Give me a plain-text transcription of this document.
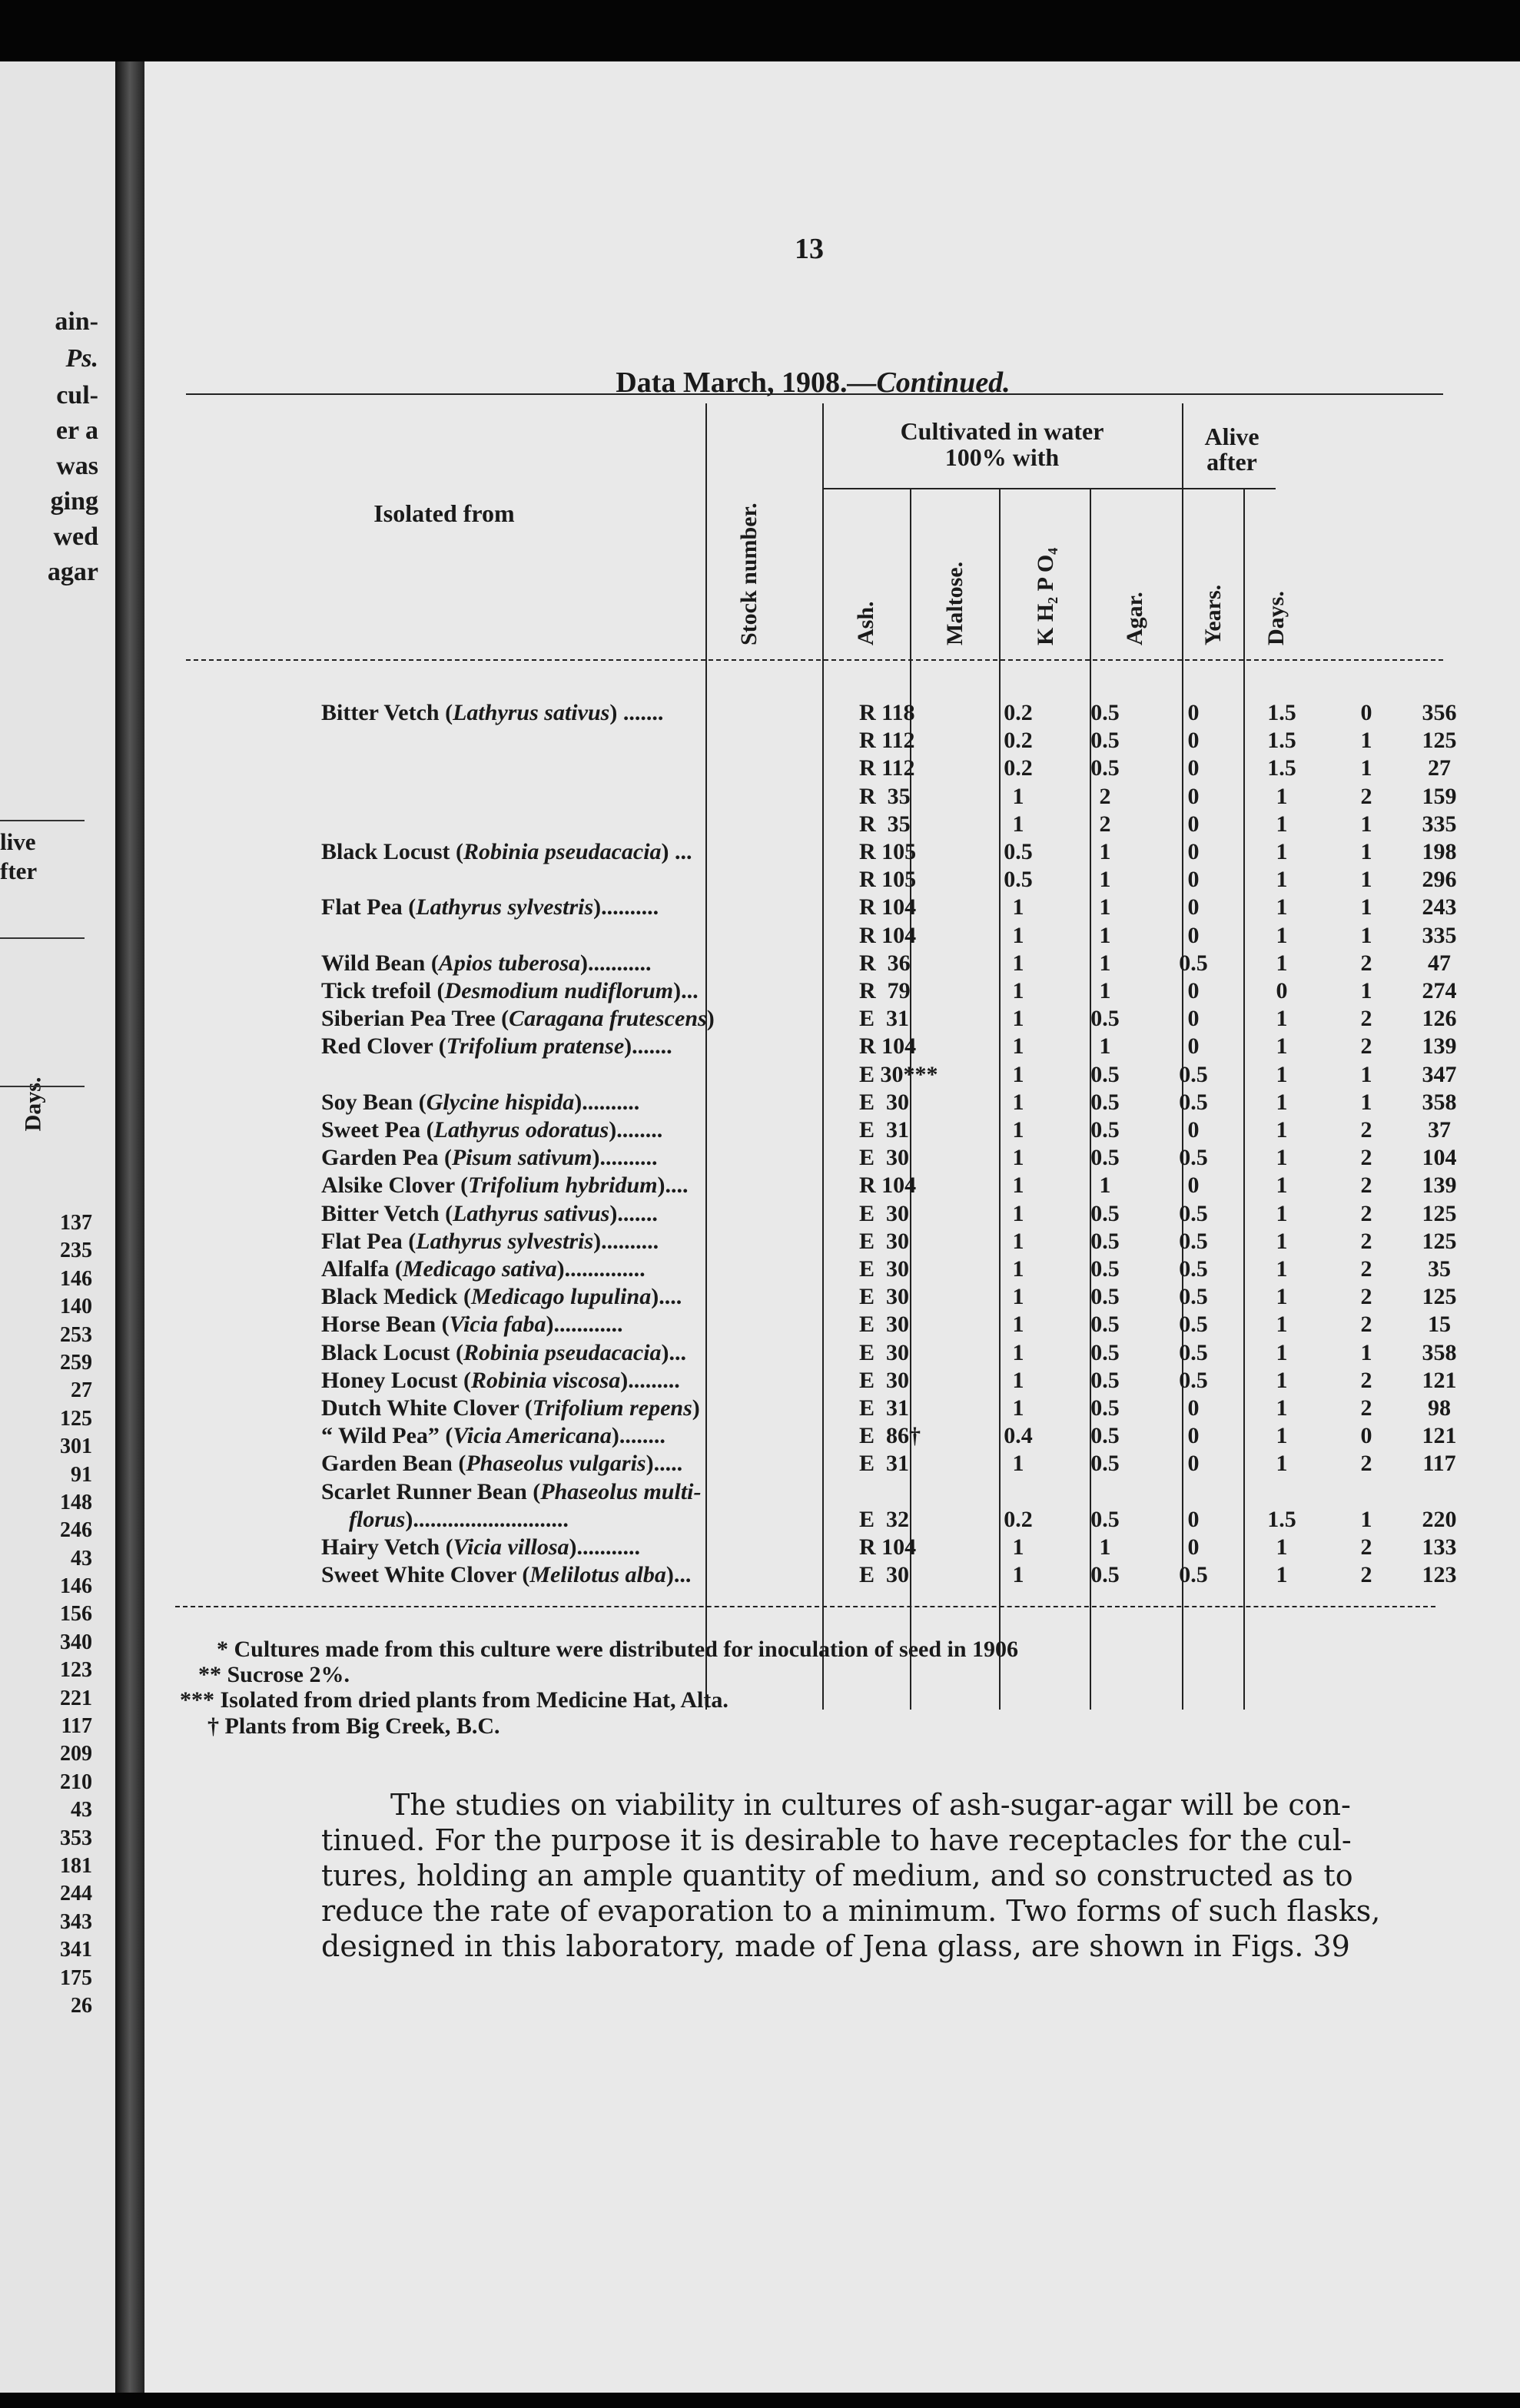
ain-
Ps.
cul-
er a
was
ging
wed
agar
live
fter
Days.
137
235
146
140
253
259
27
125
301
91
148
246
43
146
156
340
123
221
117
209
210
43
353
181
244
343
341
175
26
13
Data March, 1908.—Continued.
Isolated from	Stock number.
Cultivated in water
100% with
Ash.	Maltose.	K H₂ P O₄	Agar.
Alive
after
Years. Days.
Bitter Vetch (Lathyrus sativus) .......	R 118	0.2	0.5	0	1.5	0	356
R 112	0.2	0.5	0	1.5	1	125
R 112	0.2	0.5	0	1.5	1	27
R  35	1	2	0	1	2	159
R  35	1	2	0	1	1	335
Black Locust (Robinia pseudacacia) ...	R 105	0.5	1	0	1	1	198
R 105	0.5	1	0	1	1	296
Flat Pea (Lathyrus sylvestris)..........	R 104	1	1	0	1	1	243
R 104	1	1	0	1	1	335
Wild Bean (Apios tuberosa)...........	R  36	1	1	0.5	1	2	47
Tick trefoil (Desmodium nudiflorum)...	R  79	1	1	0	0	1	274
Siberian Pea Tree (Caragana frutescens)	E  31	1	0.5	0	1	2	126
Red Clover (Trifolium pratense).......	R 104	1	1	0	1	2	139
E 30***	1	0.5	0.5	1	1	347
Soy Bean (Glycine hispida)..........	E  30	1	0.5	0.5	1	1	358
Sweet Pea (Lathyrus odoratus)........	E  31	1	0.5	0	1	2	37
Garden Pea (Pisum sativum)..........	E  30	1	0.5	0.5	1	2	104
Alsike Clover (Trifolium hybridum)....	R 104	1	1	0	1	2	139
Bitter Vetch (Lathyrus sativus).......	E  30	1	0.5	0.5	1	2	125
Flat Pea (Lathyrus sylvestris)..........	E  30	1	0.5	0.5	1	2	125
Alfalfa (Medicago sativa)..............	E  30	1	0.5	0.5	1	2	35
Black Medick (Medicago lupulina)....	E  30	1	0.5	0.5	1	2	125
Horse Bean (Vicia faba)............	E  30	1	0.5	0.5	1	2	15
Black Locust (Robinia pseudacacia)...	E  30	1	0.5	0.5	1	1	358
Honey Locust (Robinia viscosa).........	E  30	1	0.5	0.5	1	2	121
Dutch White Clover (Trifolium repens)	E  31	1	0.5	0	1	2	98
“ Wild Pea” (Vicia Americana)........	E  86†	0.4	0.5	0	1	0	121
Garden Bean (Phaseolus vulgaris).....	E  31	1	0.5	0	1	2	117
Scarlet Runner Bean (Phaseolus multi-
florus)...........................	E  32	0.2	0.5	0	1.5	1	220
Hairy Vetch (Vicia villosa)...........	R 104	1	1	0	1	2	133
Sweet White Clover (Melilotus alba)...	E  30	1	0.5	0.5	1	2	123
* Cultures made from this culture were distributed for inoculation of seed in 1906
** Sucrose 2%.
*** Isolated from dried plants from Medicine Hat, Alta.
† Plants from Big Creek, B.C.
The studies on viability in cultures of ash-sugar-agar will be con-
tinued. For the purpose it is desirable to have receptacles for the cul-
tures, holding an ample quantity of medium, and so constructed as to
reduce the rate of evaporation to a minimum. Two forms of such flasks,
designed in this laboratory, made of Jena glass, are shown in Figs. 39
